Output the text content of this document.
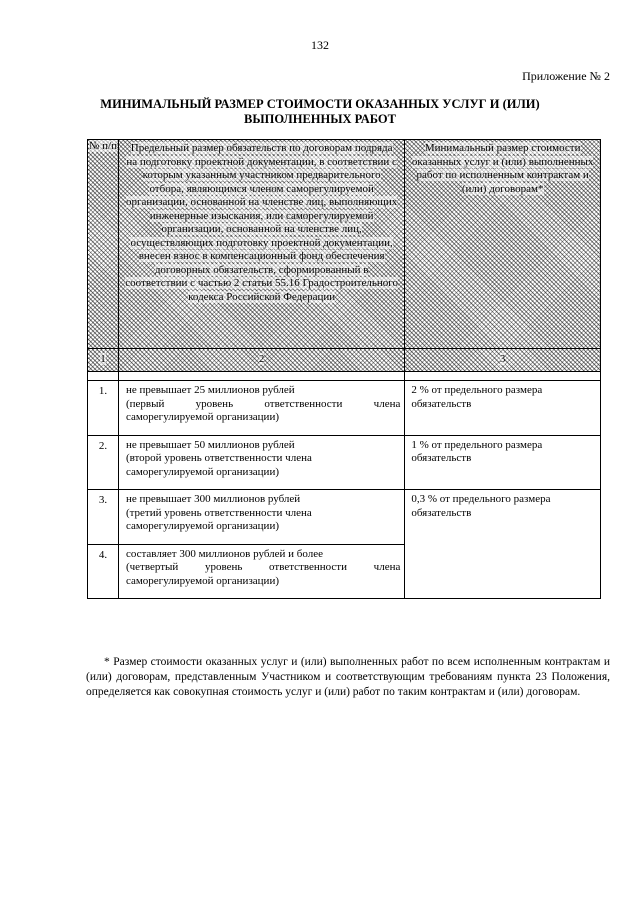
132
Приложение № 2
МИНИМАЛЬНЫЙ РАЗМЕР СТОИМОСТИ ОКАЗАННЫХ УСЛУГ И (ИЛИ) ВЫПОЛНЕННЫХ РАБОТ
№ п/п	Предельный размер обязательств по договорам подряда на подготовку проектной документации, в соответствии с которым указанным участником предварительного отбора, являющимся членом саморегулируемой организации, основанной на членстве лиц, выполняющих инженерные изыскания, или саморегулируемой организации, основанной на членстве лиц, осуществляющих подготовку проектной документации, внесен взнос в компенсационный фонд обеспечения договорных обязательств, сформированный в соответствии с частью 2 статьи 55.16 Градостроительного кодекса Российской Федерации	Минимальный размер стоимости оказанных услуг и (или) выполненных работ по исполненным контрактам и (или) договорам*
1	2	3

1.	не превышает 25 миллионов рублей
(первый уровень ответственности члена
саморегулируемой организации)	2 % от предельного размера обязательств
2.	не превышает 50 миллионов рублей
(второй уровень ответственности члена
саморегулируемой организации)	1 % от предельного размера обязательств
3.	не превышает 300 миллионов рублей
(третий уровень ответственности члена
саморегулируемой организации)	0,3 % от предельного размера обязательств
4.	составляет 300 миллионов рублей и более
(четвертый уровень ответственности члена
саморегулируемой организации)	

* Размер стоимости оказанных услуг и (или) выполненных работ по всем исполненным контрактам и (или) договорам, представленным Участником и соответствующим требованиям пункта 23 Положения, определяется как совокупная стоимость услуг и (или) работ по таким контрактам и (или) договорам.
